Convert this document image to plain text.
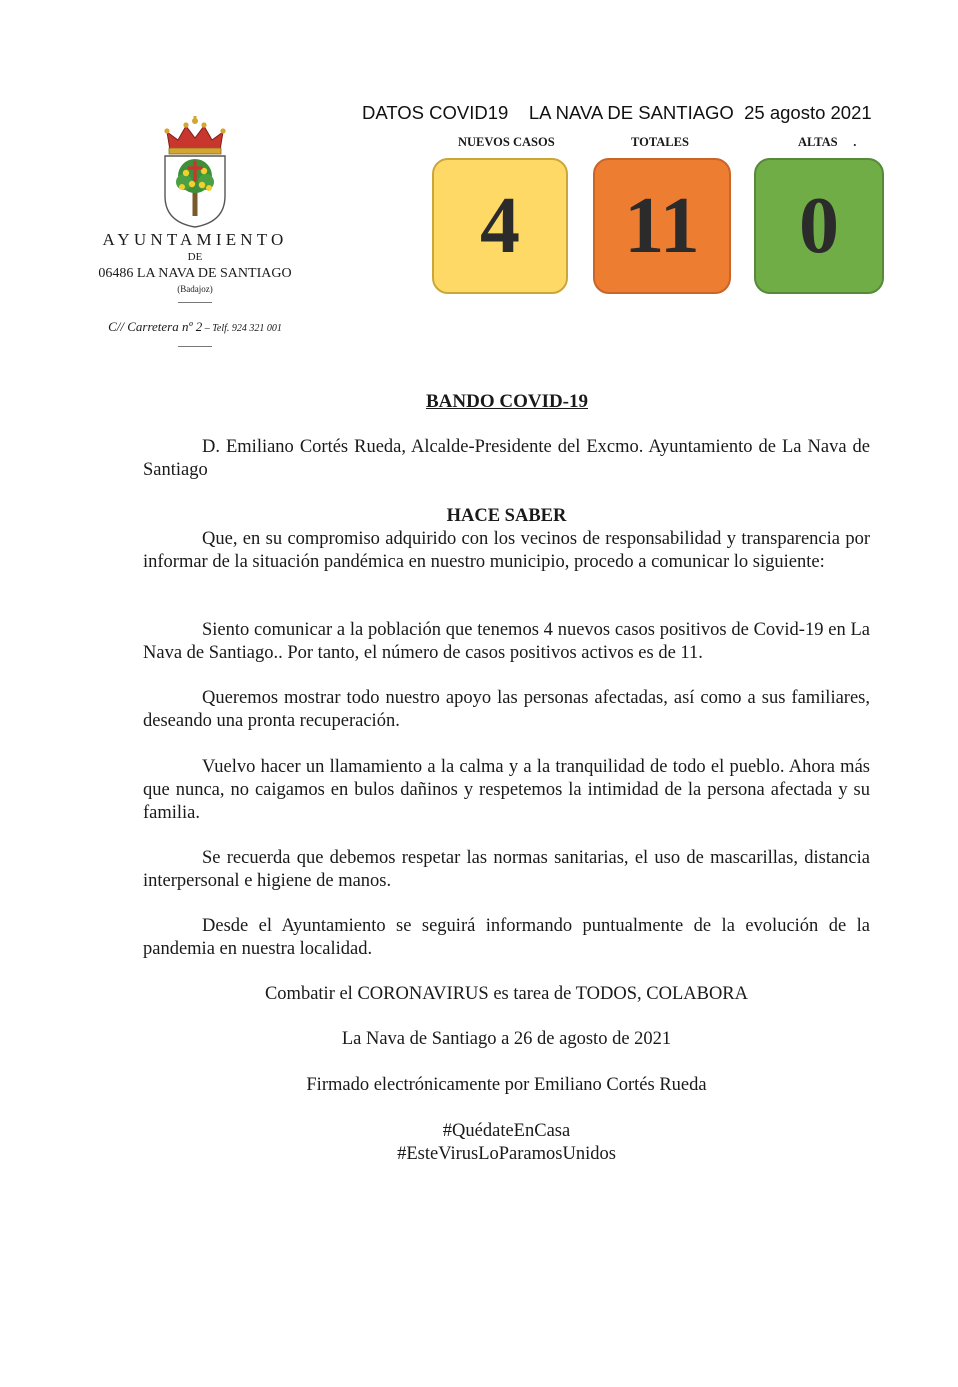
AYUNTAMIENTO
DE
06486 LA NAVA DE SANTIAGO
(Badajoz)
C// Carretera nº 2 – Telf. 924 321 001
DATOS COVID19    LA NAVA DE SANTIAGO  25 agosto 2021
NUEVOS CASOS	TOTALES	ALTAS     .
4 11 0
BANDO COVID-19
D. Emiliano Cortés Rueda, Alcalde-Presidente del Excmo. Ayuntamiento de La Nava de Santiago
HACE SABER
Que, en su compromiso adquirido con los vecinos de responsabilidad y transparencia por informar de la situación pandémica en nuestro municipio, procedo a comunicar lo siguiente:
Siento comunicar a la población que tenemos 4 nuevos casos positivos de Covid-19 en La Nava de Santiago.. Por tanto, el número de casos positivos activos es de 11.
Queremos mostrar todo nuestro apoyo las personas afectadas, así como a sus familiares, deseando una pronta recuperación.
Vuelvo hacer un llamamiento a la calma y a la tranquilidad de todo el pueblo. Ahora más que nunca, no caigamos en bulos dañinos y respetemos la intimidad de la persona afectada y su familia.
Se recuerda que debemos respetar las normas sanitarias, el uso de mascarillas, distancia interpersonal e higiene de manos.
Desde el Ayuntamiento se seguirá informando puntualmente de la evolución de la pandemia en nuestra localidad.
Combatir el CORONAVIRUS es tarea de TODOS, COLABORA
La Nava de Santiago a 26 de agosto de 2021
Firmado electrónicamente por Emiliano Cortés Rueda
#QuédateEnCasa
#EsteVirusLoParamosUnidos
